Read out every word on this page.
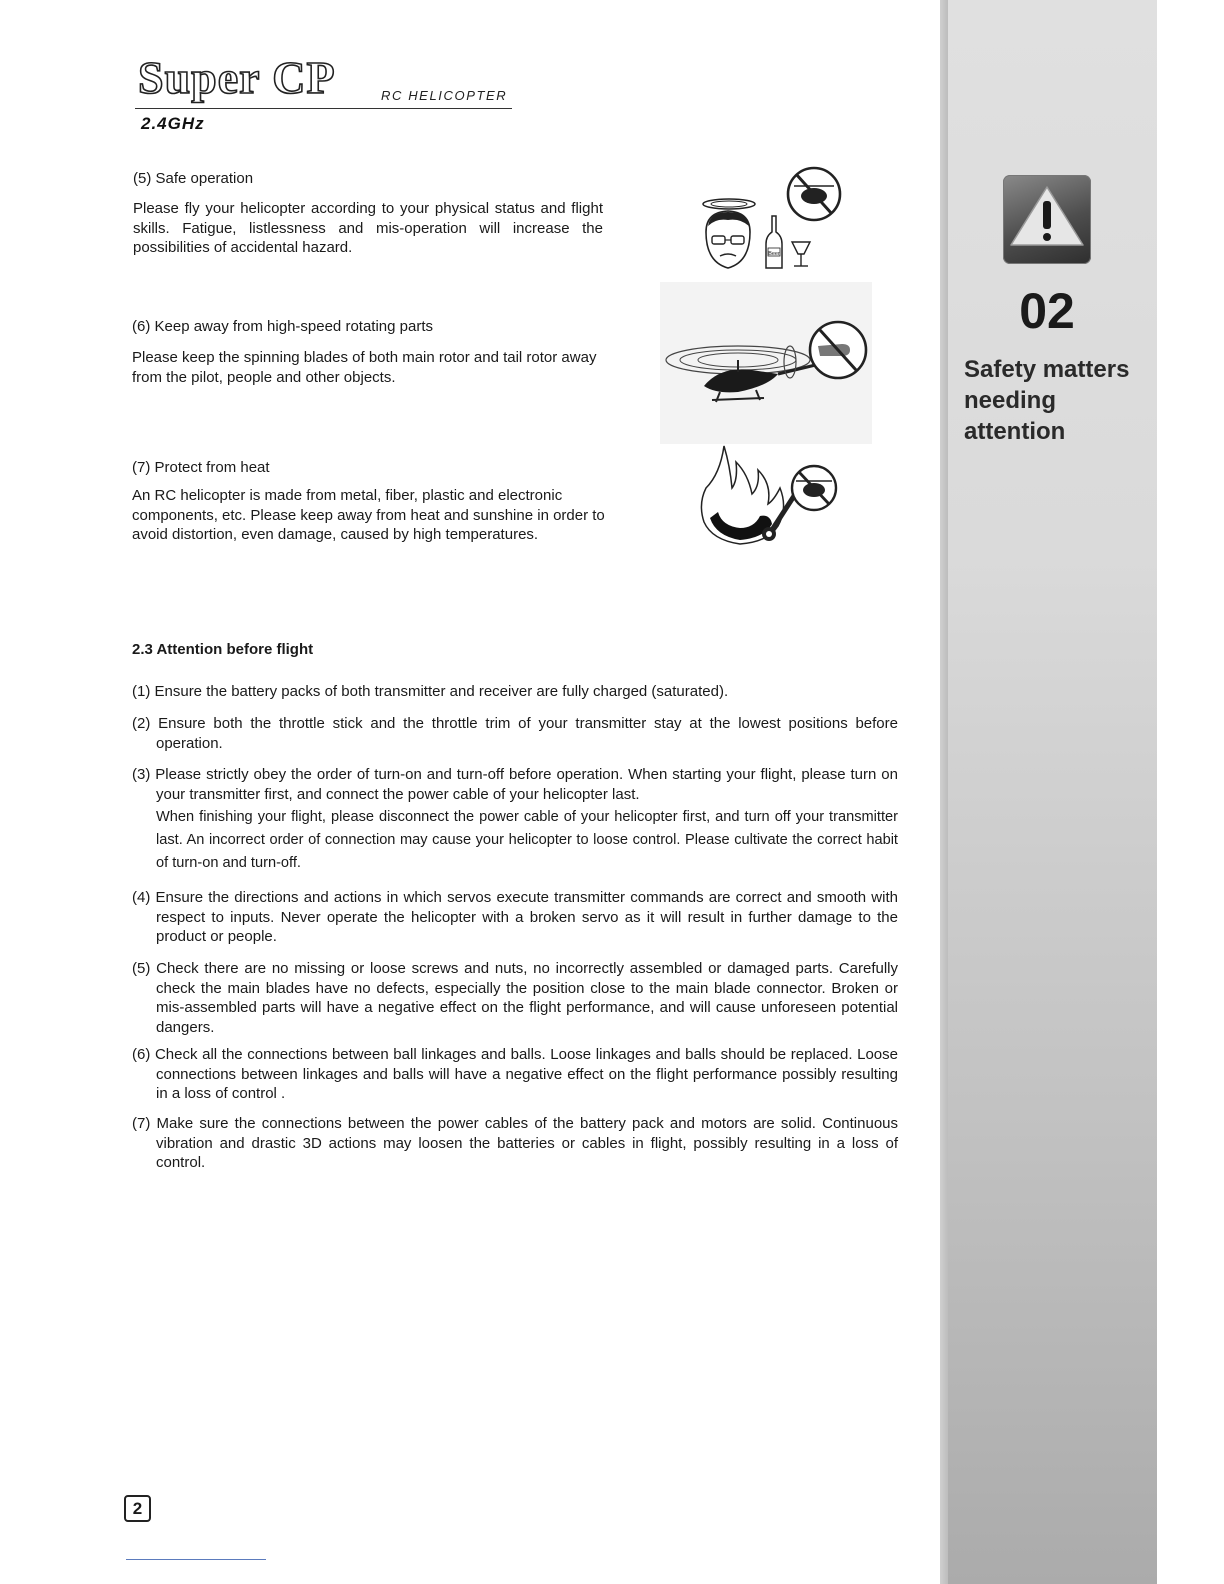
Super CP	RC HELICOPTER
2.4GHz
(5) Safe operation
Please fly your helicopter according to your physical status and flight skills. Fatigue, listlessness and mis-operation will increase the possibilities of accidental hazard.	Beer
(6) Keep away from high-speed rotating parts
Please keep the spinning blades of both main rotor and tail rotor away from the pilot, people and other objects.
(7) Protect from heat
An RC helicopter is made from metal, fiber, plastic and electronic components, etc. Please keep away from heat and sunshine in order to avoid distortion, even damage, caused by high temperatures.
2.3 Attention before flight
(1) Ensure the battery packs of both transmitter and receiver are fully charged (saturated).
(2) Ensure both the throttle stick and the throttle trim of your transmitter stay at the lowest positions before operation.
(3) Please strictly obey the order of turn-on and turn-off before operation. When starting your flight, please turn on your transmitter first, and connect the power cable of your helicopter last.
When finishing your flight, please disconnect the power cable of your helicopter first, and turn off your transmitter last. An incorrect order of connection may cause your helicopter to loose control. Please cultivate the correct habit of turn-on and turn-off.
(4) Ensure the directions and actions in which servos execute transmitter commands are correct and smooth with respect to inputs. Never operate the helicopter with a broken servo as it will result in further damage to the product or people.
(5) Check there are no missing or loose screws and nuts, no incorrectly assembled or damaged parts. Carefully check the main blades have no defects, especially the position close to the main blade connector. Broken or mis-assembled parts will have a negative effect on the flight performance, and will cause unforeseen potential dangers.
(6) Check all the connections between ball linkages and balls. Loose linkages and balls should be replaced. Loose connections between linkages and balls will have a negative effect on the flight performance possibly resulting in a loss of control .
(7) Make sure the connections between the power cables of the battery pack and motors are solid. Continuous vibration and drastic 3D actions may loosen the batteries or cables in flight, possibly resulting in a loss of control.
02
Safety matters needing attention
2
